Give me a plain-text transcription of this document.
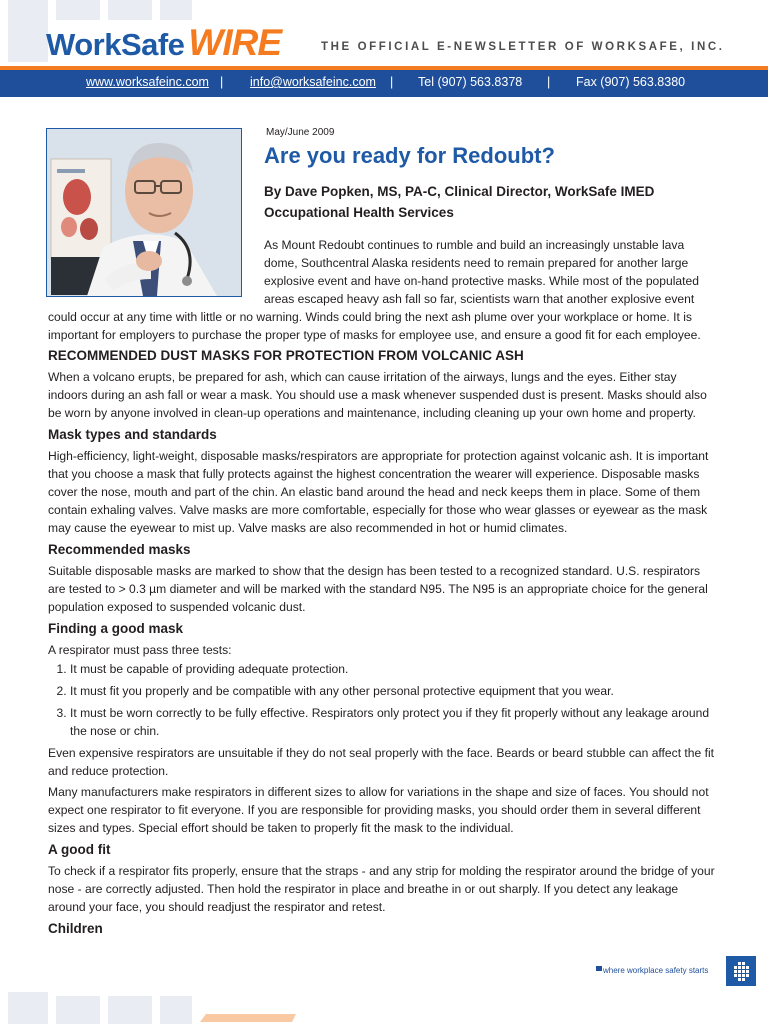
WorkSafe WIRE	THE OFFICIAL E-NEWSLETTER OF WORKSAFE, INC.
www.worksafeinc.com | info@worksafeinc.com | Tel (907) 563.8378 | Fax (907) 563.8380
May/June 2009
Are you ready for Redoubt?

By Dave Popken, MS, PA-C, Clinical Director, WorkSafe IMED Occupational Health Services

As Mount Redoubt continues to rumble and build an increasingly unstable lava dome, Southcentral Alaska residents need to remain prepared for another large explosive event and have on-hand protective masks. While most of the populated areas escaped heavy ash fall so far, scientists warn that another explosive event

could occur at any time with little or no warning. Winds could bring the next ash plume over your workplace or home. It is important for employers to purchase the proper type of masks for employee use, and ensure a good fit for each employee.

RECOMMENDED DUST MASKS FOR PROTECTION FROM VOLCANIC ASH

When a volcano erupts, be prepared for ash, which can cause irritation of the airways, lungs and the eyes. Either stay indoors during an ash fall or wear a mask. You should use a mask whenever suspended dust is present. Masks should also be worn by anyone involved in clean-up operations and maintenance, including cleaning up your own home and property.

Mask types and standards

High-efficiency, light-weight, disposable masks/respirators are appropriate for protection against volcanic ash. It is important that you choose a mask that fully protects against the highest concentration the wearer will experience. Disposable masks cover the nose, mouth and part of the chin. An elastic band around the head and neck keeps them in place. Some of them contain exhaling valves. Valve masks are more comfortable, especially for those who wear glasses or eyewear as the mask may cause the eyewear to mist up. Valve masks are also recommended in hot or humid climates.

Recommended masks

Suitable disposable masks are marked to show that the design has been tested to a recognized standard. U.S. respirators are tested to > 0.3 µm diameter and will be marked with the standard N95. The N95 is an appropriate choice for the general population exposed to suspended volcanic dust.

Finding a good mask

A respirator must pass three tests:

1. It must be capable of providing adequate protection.
2. It must fit you properly and be compatible with any other personal protective equipment that you wear.
3. It must be worn correctly to be fully effective. Respirators only protect you if they fit properly without any leakage around the nose or chin.

Even expensive respirators are unsuitable if they do not seal properly with the face. Beards or beard stubble can affect the fit and reduce protection.

Many manufacturers make respirators in different sizes to allow for variations in the shape and size of faces. You should not expect one respirator to fit everyone. If you are responsible for providing masks, you should order them in several different sizes and types. Special effort should be taken to properly fit the mask to the individual.

A good fit

To check if a respirator fits properly, ensure that the straps - and any strip for molding the respirator around the bridge of your nose - are correctly adjusted. Then hold the respirator in place and breathe in or out sharply. If you detect any leakage around your face, you should readjust the respirator and retest.

Children
where workplace safety starts
